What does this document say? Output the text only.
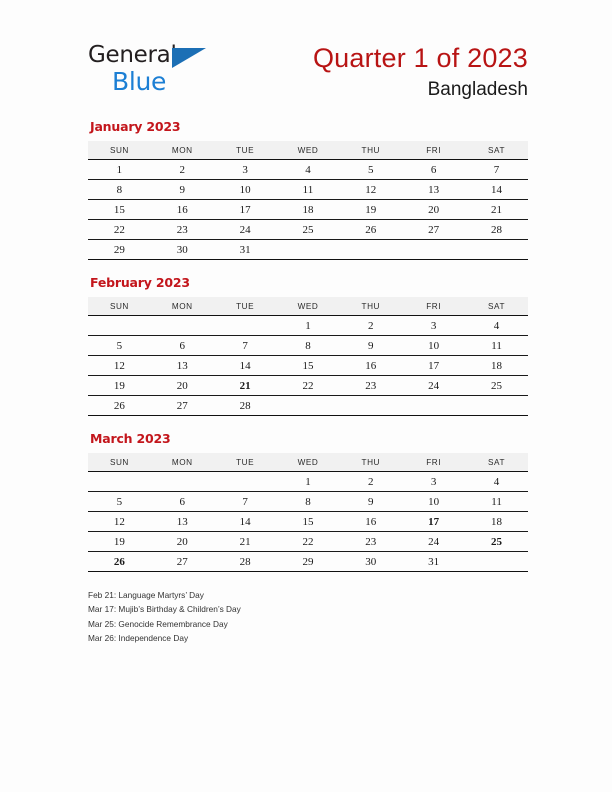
General
Blue
Quarter 1 of 2023
Bangladesh
January 2023
SUN	MON	TUE	WED	THU	FRI	SAT
1	2	3	4	5	6	7
8	9	10	11	12	13	14
15	16	17	18	19	20	21
22	23	24	25	26	27	28
29	30	31				
February 2023
SUN	MON	TUE	WED	THU	FRI	SAT
			1	2	3	4
5	6	7	8	9	10	11
12	13	14	15	16	17	18
19	20	21	22	23	24	25
26	27	28				
March 2023
SUN	MON	TUE	WED	THU	FRI	SAT
			1	2	3	4
5	6	7	8	9	10	11
12	13	14	15	16	17	18
19	20	21	22	23	24	25
26	27	28	29	30	31	
Feb 21: Language Martyrs’ Day
Mar 17: Mujib’s Birthday & Children’s Day
Mar 25: Genocide Remembrance Day
Mar 26: Independence Day
